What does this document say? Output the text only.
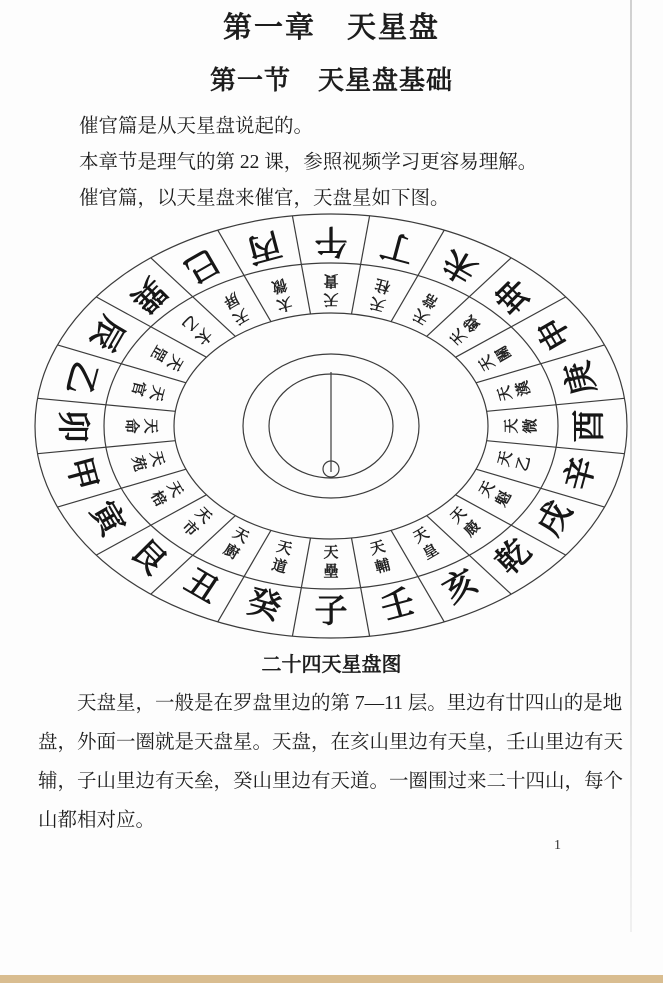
第一章　天星盘
第一节　天星盘基础
催官篇是从天星盘说起的。
本章节是理气的第 22 课，参照视频学习更容易理解。
催官篇，以天星盘来催官，天盘星如下图。
子
天
壘
癸
天
道
丑
天
廚
艮
天
市
寅
天
棓
甲	天
苑
卯	天
命
乙	天
官
辰
天
罡
巽
太
乙
巳
天
屏
丙
太
微
午
天
貴
丁
天
柱 未
天
常 坤
天
鉞 申
天
關
庚
天 漢
酉
天 微
辛
天 乙
戌
天
魁
乾
天
廄
亥
天
皇
壬
天
輔
二十四天星盘图
天盘星，一般是在罗盘里边的第 7—11 层。里边有廿四山的是地
盘，外面一圈就是天盘星。天盘，在亥山里边有天皇，壬山里边有天
辅，子山里边有天垒，癸山里边有天道。一圈围过来二十四山，每个
山都相对应。
1
